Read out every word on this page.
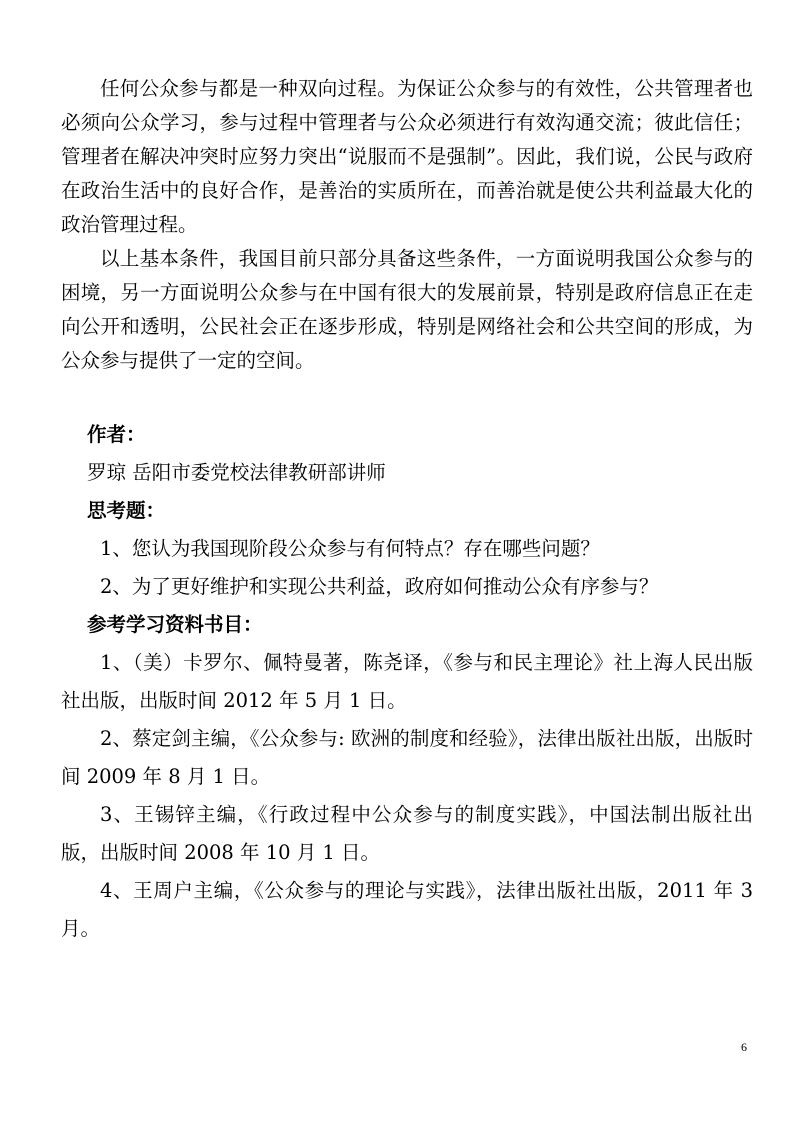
任何公众参与都是一种双向过程。为保证公众参与的有效性，公共管理者也必须向公众学习，参与过程中管理者与公众必须进行有效沟通交流；彼此信任；管理者在解决冲突时应努力突出“说服而不是强制”。因此，我们说，公民与政府在政治生活中的良好合作，是善治的实质所在，而善治就是使公共利益最大化的政治管理过程。

以上基本条件，我国目前只部分具备这些条件，一方面说明我国公众参与的困境，另一方面说明公众参与在中国有很大的发展前景，特别是政府信息正在走向公开和透明，公民社会正在逐步形成，特别是网络社会和公共空间的形成，为公众参与提供了一定的空间。

作者：
罗琼 岳阳市委党校法律教研部讲师
思考题：

1、您认为我国现阶段公众参与有何特点？存在哪些问题？

2、为了更好维护和实现公共利益，政府如何推动公众有序参与？

参考学习资料书目：

1、（美）卡罗尔、佩特曼著，陈尧译，《参与和民主理论》社上海人民出版社出版，出版时间 2012 年 5 月 1 日。

2、蔡定剑主编，《公众参与: 欧洲的制度和经验》，法律出版社出版，出版时间 2009 年 8 月 1 日。

3、王锡锌主编，《行政过程中公众参与的制度实践》，中国法制出版社出版，出版时间 2008 年 10 月 1 日。

4、王周户主编，《公众参与的理论与实践》，法律出版社出版，2011 年 3 月。

6
